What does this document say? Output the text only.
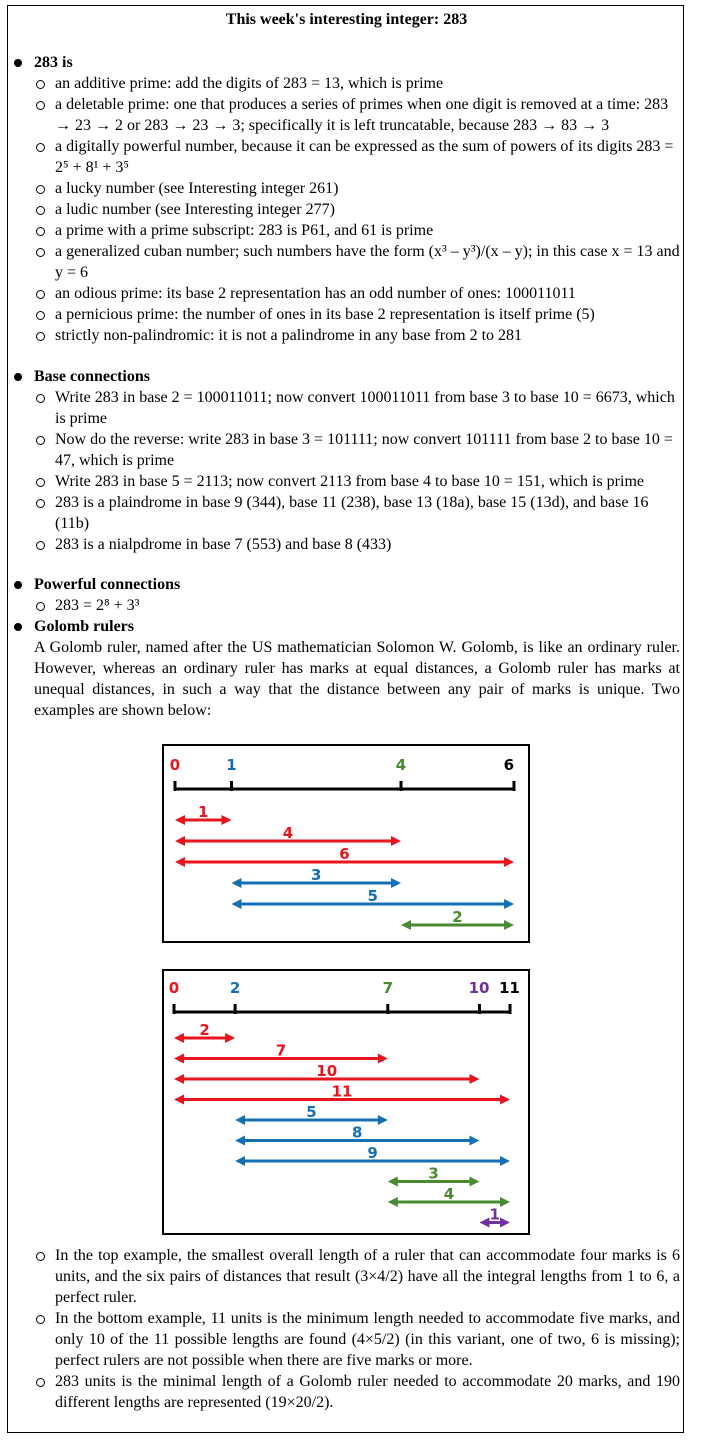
This week's interesting integer: 283
283 is
an additive prime: add the digits of 283 = 13, which is prime
a deletable prime: one that produces a series of primes when one digit is removed at a time: 283 → 23 → 2 or 283 → 23 → 3; specifically it is left truncatable, because 283 → 83 → 3
a digitally powerful number, because it can be expressed as the sum of powers of its digits 283 = 2⁵ + 8¹ + 3⁵
a lucky number (see Interesting integer 261)
a ludic number (see Interesting integer 277)
a prime with a prime subscript: 283 is P61, and 61 is prime
a generalized cuban number; such numbers have the form (x³ – y³)/(x – y); in this case x = 13 and y = 6
an odious prime: its base 2 representation has an odd number of ones: 100011011
a pernicious prime: the number of ones in its base 2 representation is itself prime (5)
strictly non-palindromic: it is not a palindrome in any base from 2 to 281
Base connections
Write 283 in base 2 = 100011011; now convert 100011011 from base 3 to base 10 = 6673, which is prime
Now do the reverse: write 283 in base 3 = 101111; now convert 101111 from base 2 to base 10 = 47, which is prime
Write 283 in base 5 = 2113; now convert 2113 from base 4 to base 10 = 151, which is prime
283 is a plaindrome in base 9 (344), base 11 (238), base 13 (18a), base 15 (13d), and base 16 (11b)
283 is a nialpdrome in base 7 (553) and base 8 (433)
Powerful connections
283 = 2⁸ + 3³
Golomb rulers
A Golomb ruler, named after the US mathematician Solomon W. Golomb, is like an ordinary ruler. However, whereas an ordinary ruler has marks at equal distances, a Golomb ruler has marks at unequal distances, in such a way that the distance between any pair of marks is unique. Two examples are shown below:
0	1	4	6
1
4
6
3
5
2
0	2	7	10 11
2
7
10
11
5
8
9
3
4
1
In the top example, the smallest overall length of a ruler that can accommodate four marks is 6 units, and the six pairs of distances that result (3×4/2) have all the integral lengths from 1 to 6, a perfect ruler.
In the bottom example, 11 units is the minimum length needed to accommodate five marks, and only 10 of the 11 possible lengths are found (4×5/2) (in this variant, one of two, 6 is missing); perfect rulers are not possible when there are five marks or more.
283 units is the minimal length of a Golomb ruler needed to accommodate 20 marks, and 190 different lengths are represented (19×20/2).
